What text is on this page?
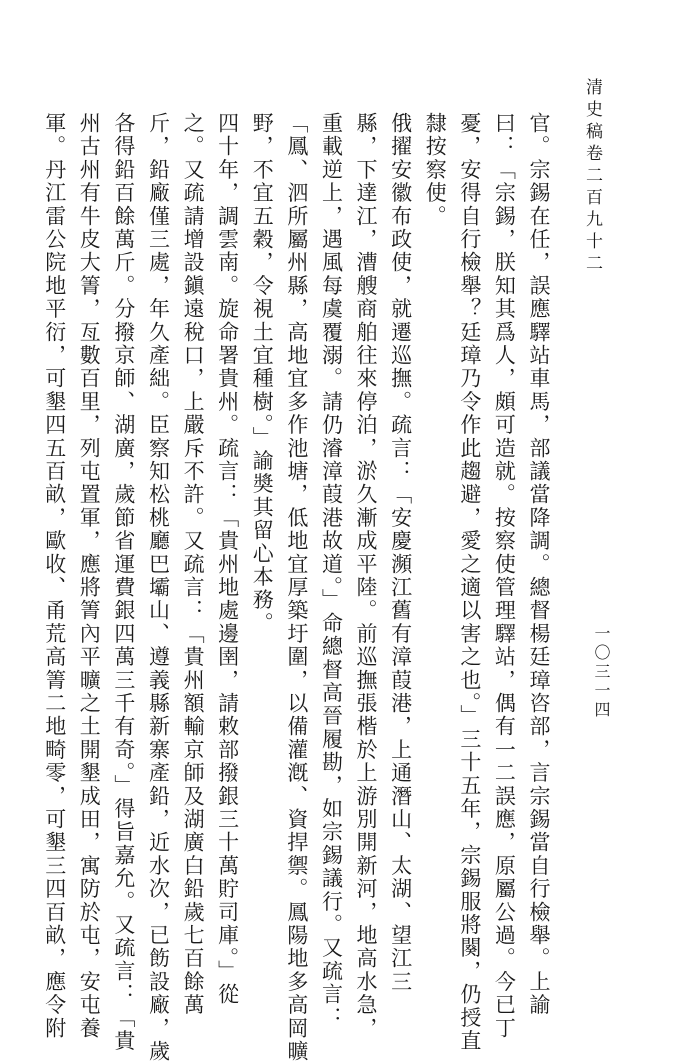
清史稿卷二百九十二
一〇三一四
官。宗錫在任，誤應驛站車馬，部議當降調。總督楊廷璋咨部，言宗錫當自行檢舉。上諭
曰：「宗錫，朕知其爲人，頗可造就。按察使管理驛站，偶有一二誤應，原屬公過。今已丁
憂，安得自行檢舉？廷璋乃令作此趨避，愛之適以害之也。」三十五年，宗錫服將闋，仍授直
隸按察使。
俄擢安徽布政使，就遷巡撫。疏言：「安慶瀕江舊有漳葭港，上通潛山、太湖、望江三
縣，下達江，漕艘商舶往來停泊，淤久漸成平陸。前巡撫張楷於上游別開新河，地高水急，
重載逆上，遇風每虞覆溺。請仍濬漳葭港故道。」命總督高晉履勘，如宗錫議行。又疏言：
「鳳、泗所屬州縣，高地宜多作池塘，低地宜厚築圩圍，以備灌漑、資捍禦。鳳陽地多高岡曠
野，不宜五穀，令視土宜種樹。」諭奬其留心本務。
四十年，調雲南。旋命署貴州。疏言：「貴州地處邊圉，請敕部撥銀三十萬貯司庫。」從
之。又疏請增設鎭遠稅口，上嚴斥不許。又疏言：「貴州額輸京師及湖廣白鉛歲七百餘萬
斤，鉛廠僅三處，年久產絀。臣察知松桃廳巴壩山、遵義縣新寨產鉛，近水次，已飭設廠，歲
各得鉛百餘萬斤。分撥京師、湖廣，歲節省運費銀四萬三千有奇。」得旨嘉允。又疏言：「貴
州古州有牛皮大箐，亙數百里，列屯置軍，應將箐內平曠之土開墾成田，寓防於屯，安屯養
軍。丹江雷公院地平衍，可墾四五百畝，歐收、甬荒高箐二地畸零，可墾三四百畝，應令附
